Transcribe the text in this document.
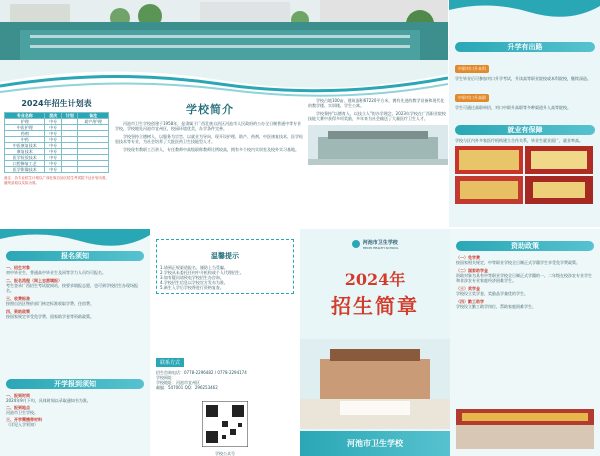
2024年招生计划表
专业名称	层次	计划	备注
护理	中专		助产/护理
中医护理	中专		
药剂	中专		
中药	中专		
中医康复技术	中专		
康复技术	中专		
医学检验技术	中专		
口腔修复工艺	中专		
医学影像技术	中专		
备注：各专业招生计划以广西壮族自治区招生考试院下达计划为准，最终录取以实际为准。
学校简介
河池市卫生学校创建于1958年，是隶属于广西壮族自治区河池市人民政府的公办全日制普通中等专业学校，学校地处河池市宜州区，校园环境优美，办学条件完善。
学校坚持立德树人，以服务为宗旨、以就业为导向，现开设护理、助产、药剂、中医康复技术、医学检验技术等专业，为社会培养了大批医药卫生技能型人才。
学校现有教职工百余人，专任教师中高级职称教师比例较高，拥有多个校内实训室及校外实习基地。
学校占地100亩，建筑面积67220平方米，拥有先进的教学设备和现代化的教学楼、实训楼、学生公寓。
学校秉持"以德育人、以技立人"的办学理念，2023年学校在广西职业院校技能大赛中获得多项奖励，多年来为社会输送了大量医疗卫生人才。
升学有出路
中职对口升本科
学生毕业后可参加对口升学考试，升读高等职业院校或本科院校，继续深造。
中职对口升高职
学生可通过高职单招、对口中职升高职等多种渠道升入高等院校。
就业有保障
学校与区内外多家医疗机构建立合作关系，毕业生就业面广，就业率高。
报名须知
一、招生对象
初中毕业生、普通高中毕业生及同等学力人员均可报名。
二、报名流程（网上志愿填报）
考生登录广西招生考试院网站，按要求填报志愿，也可到学校招生办现场报名。
三、收费标准
按照自治区物价部门核定标准收取学费、住宿费。
四、资助政策
按国家规定享受免学费、国家助学金等资助政策。
开学报到须知
一、报到时间
2024年9月下旬，具体时间以录取通知书为准。
二、报到地点
河池市卫生学校。
三、开学需携带材料
（详见入学须知）
温馨提示
1.请到正规渠道报名，谨防上当受骗。
2.学校从未委托任何中介机构或个人代理招生。
3.如有疑问请致电学校招生办咨询。
4.学校招生信息以学校官方发布为准。
5.新生入学后学校将进行资格复查。
联系方式
招生咨询电话：0778-2296482 / 0778-2294174
学校网址：
学校地址：河池市宜州区
邮编：547001 QQ：296253462
学校公众号
河池市卫生学校
HECHI HEALTH SCHOOL
2024年
招生简章
河池市卫生学校
资助政策
（一）免学费
按国家相关规定，中等职业学校全日制正式学籍学生享受免学费政策。
（二）国家助学金
资助对象为具有中等职业学校全日制正式学籍的一、二年级在校涉农专业学生和非涉农专业家庭经济困难学生。
（三）奖学金
学校设立奖学金，奖励品学兼优的学生。
（四）勤工助学
学校设立勤工助学岗位，帮助家庭困难学生。
